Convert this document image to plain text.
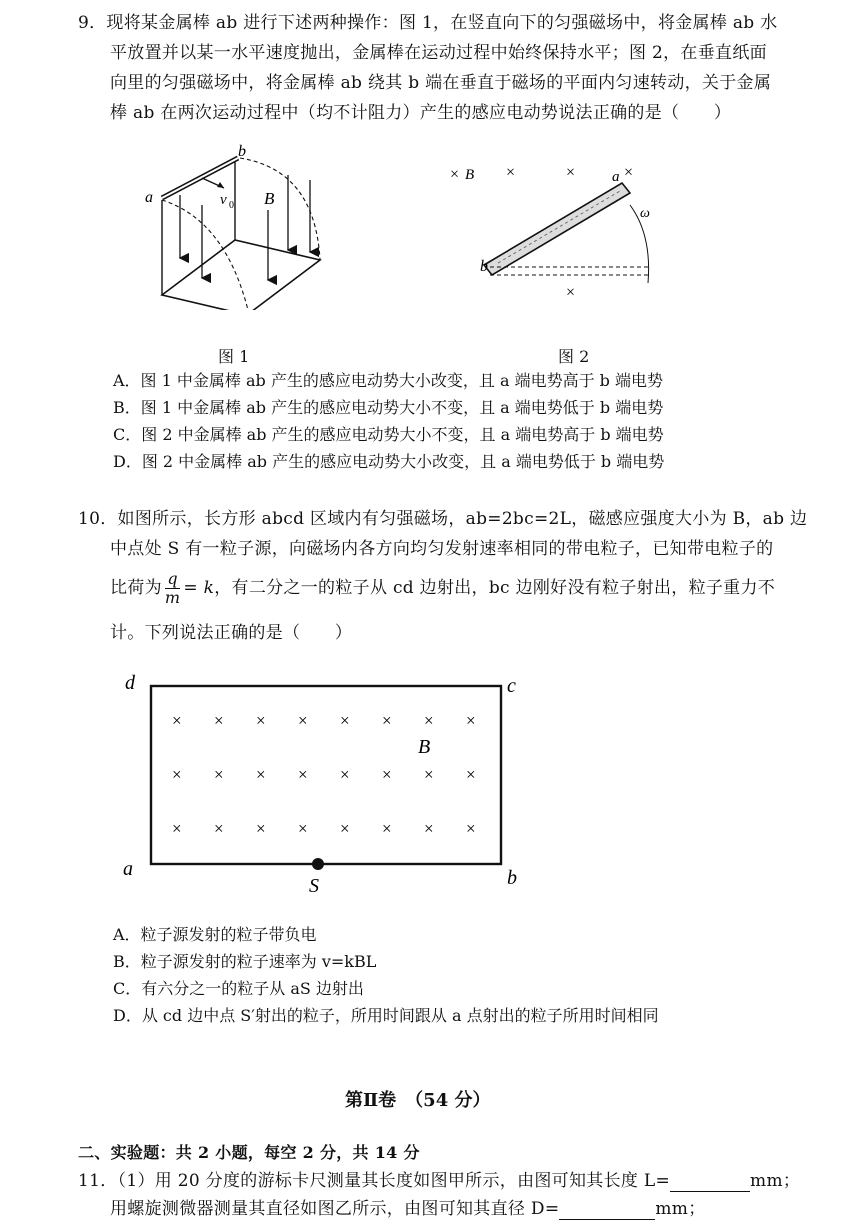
9．现将某金属棒 ab 进行下述两种操作：图 1，在竖直向下的匀强磁场中，将金属棒 ab 水
平放置并以某一水平速度抛出，金属棒在运动过程中始终保持水平；图 2，在垂直纸面
向里的匀强磁场中，将金属棒 ab 绕其 b 端在垂直于磁场的平面内匀速转动，关于金属
棒 ab 在两次运动过程中（均不计阻力）产生的感应电动势说法正确的是（　　）
a
b
v 0 B
图 1
× B ×	×	×
×
b
a
ω
图 2
A．图 1 中金属棒 ab 产生的感应电动势大小改变，且 a 端电势高于 b 端电势
B．图 1 中金属棒 ab 产生的感应电动势大小不变，且 a 端电势低于 b 端电势
C．图 2 中金属棒 ab 产生的感应电动势大小不变，且 a 端电势高于 b 端电势
D．图 2 中金属棒 ab 产生的感应电动势大小改变，且 a 端电势低于 b 端电势
10．如图所示，长方形 abcd 区域内有匀强磁场，ab=2bc=2L，磁感应强度大小为 B，ab 边
中点处 S 有一粒子源，向磁场内各方向均匀发射速率相同的带电粒子，已知带电粒子的
比荷为 $\frac{q}{m} = k$，有二分之一的粒子从 cd 边射出，bc 边刚好没有粒子射出，粒子重力不
计。下列说法正确的是（　　）
d	c
a	b
S
B
× × × × × × × ×
× × × × × × × ×
× × × × × × × ×
A．粒子源发射的粒子带负电
B．粒子源发射的粒子速率为 v=kBL
C．有六分之一的粒子从 aS 边射出
D．从 cd 边中点 S′射出的粒子，所用时间跟从 a 点射出的粒子所用时间相同
第Ⅱ卷　（54 分）
二、实验题：共 2 小题，每空 2 分，共 14 分
11．（1）用 20 分度的游标卡尺测量其长度如图甲所示，由图可知其长度 L=	mm；
用螺旋测微器测量其直径如图乙所示，由图可知其直径 D=	mm；
